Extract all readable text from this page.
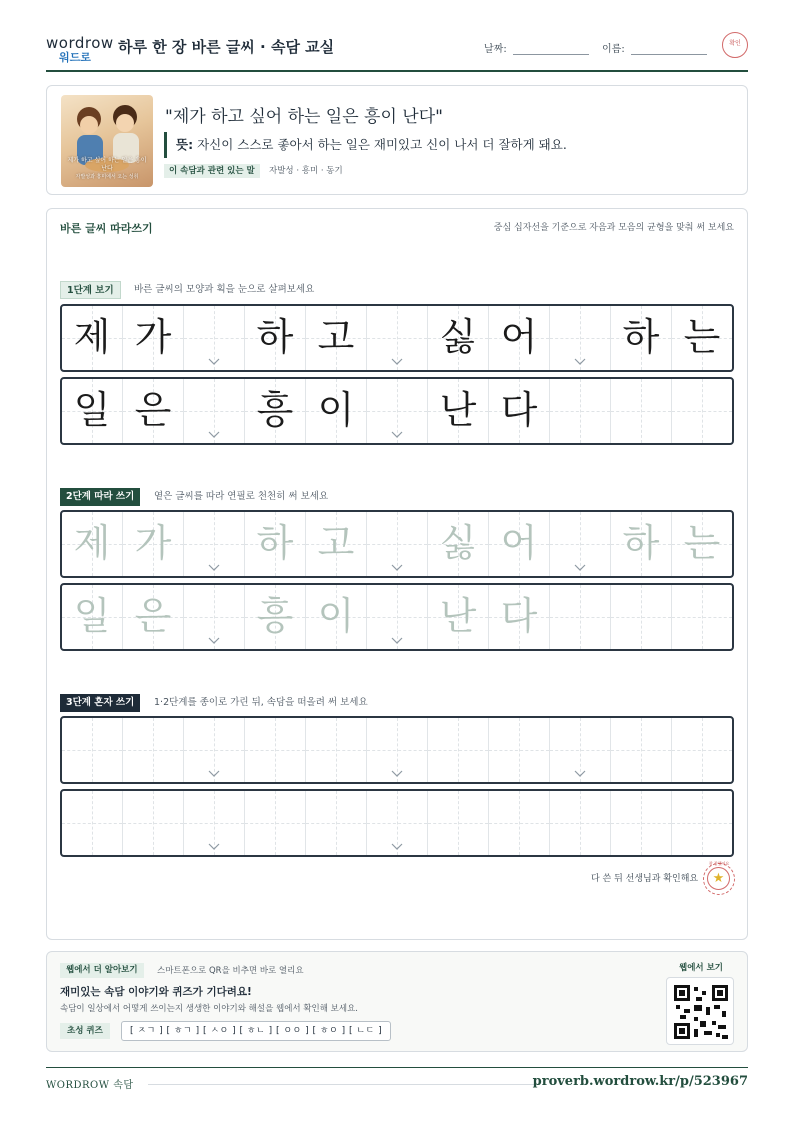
wordrow
워드로
하루 한 장 바른 글씨 · 속담 교실	날짜:	이름:
확인
제가 하고 싶어 하는 일은 흥이 난다
자발성과 흥미에서 오는 성취
"제가 하고 싶어 하는 일은 흥이 난다"
뜻: 자신이 스스로 좋아서 하는 일은 재미있고 신이 나서 더 잘하게 돼요.
이 속담과 관련 있는 말	자발성 · 흥미 · 동기
바른 글씨 따라쓰기	중심 십자선을 기준으로 자음과 모음의 균형을 맞춰 써 보세요
다 쓴 뒤 선생님과 확인해요	★
참 잘했어요
1단계 보기	바른 글씨의 모양과 획을 눈으로 살펴보세요
2단계 따라 쓰기	옅은 글씨를 따라 연필로 천천히 써 보세요
3단계 혼자 쓰기	1·2단계를 종이로 가린 뒤, 속담을 떠올려 써 보세요
제 가	하 고	싫 어	하 는
일 은	흥 이	난 다
제 가	하 고	싫 어	하 는
일 은	흥 이	난 다
웹에서 더 알아보기	스마트폰으로 QR을 비추면 바로 열리요
재미있는 속담 이야기와 퀴즈가 기다려요!
속담이 일상에서 어떻게 쓰이는지 생생한 이야기와 해설을 웹에서 확인해 보세요.
초성 퀴즈	[ ㅈㄱ ] [ ㅎㄱ ] [ ㅅㅇ ] [ ㅎㄴ ] [ ㅇㅇ ] [ ㅎㅇ ] [ ㄴㄷ ]
웹에서 보기
WORDROW 속담	proverb.wordrow.kr/p/523967
